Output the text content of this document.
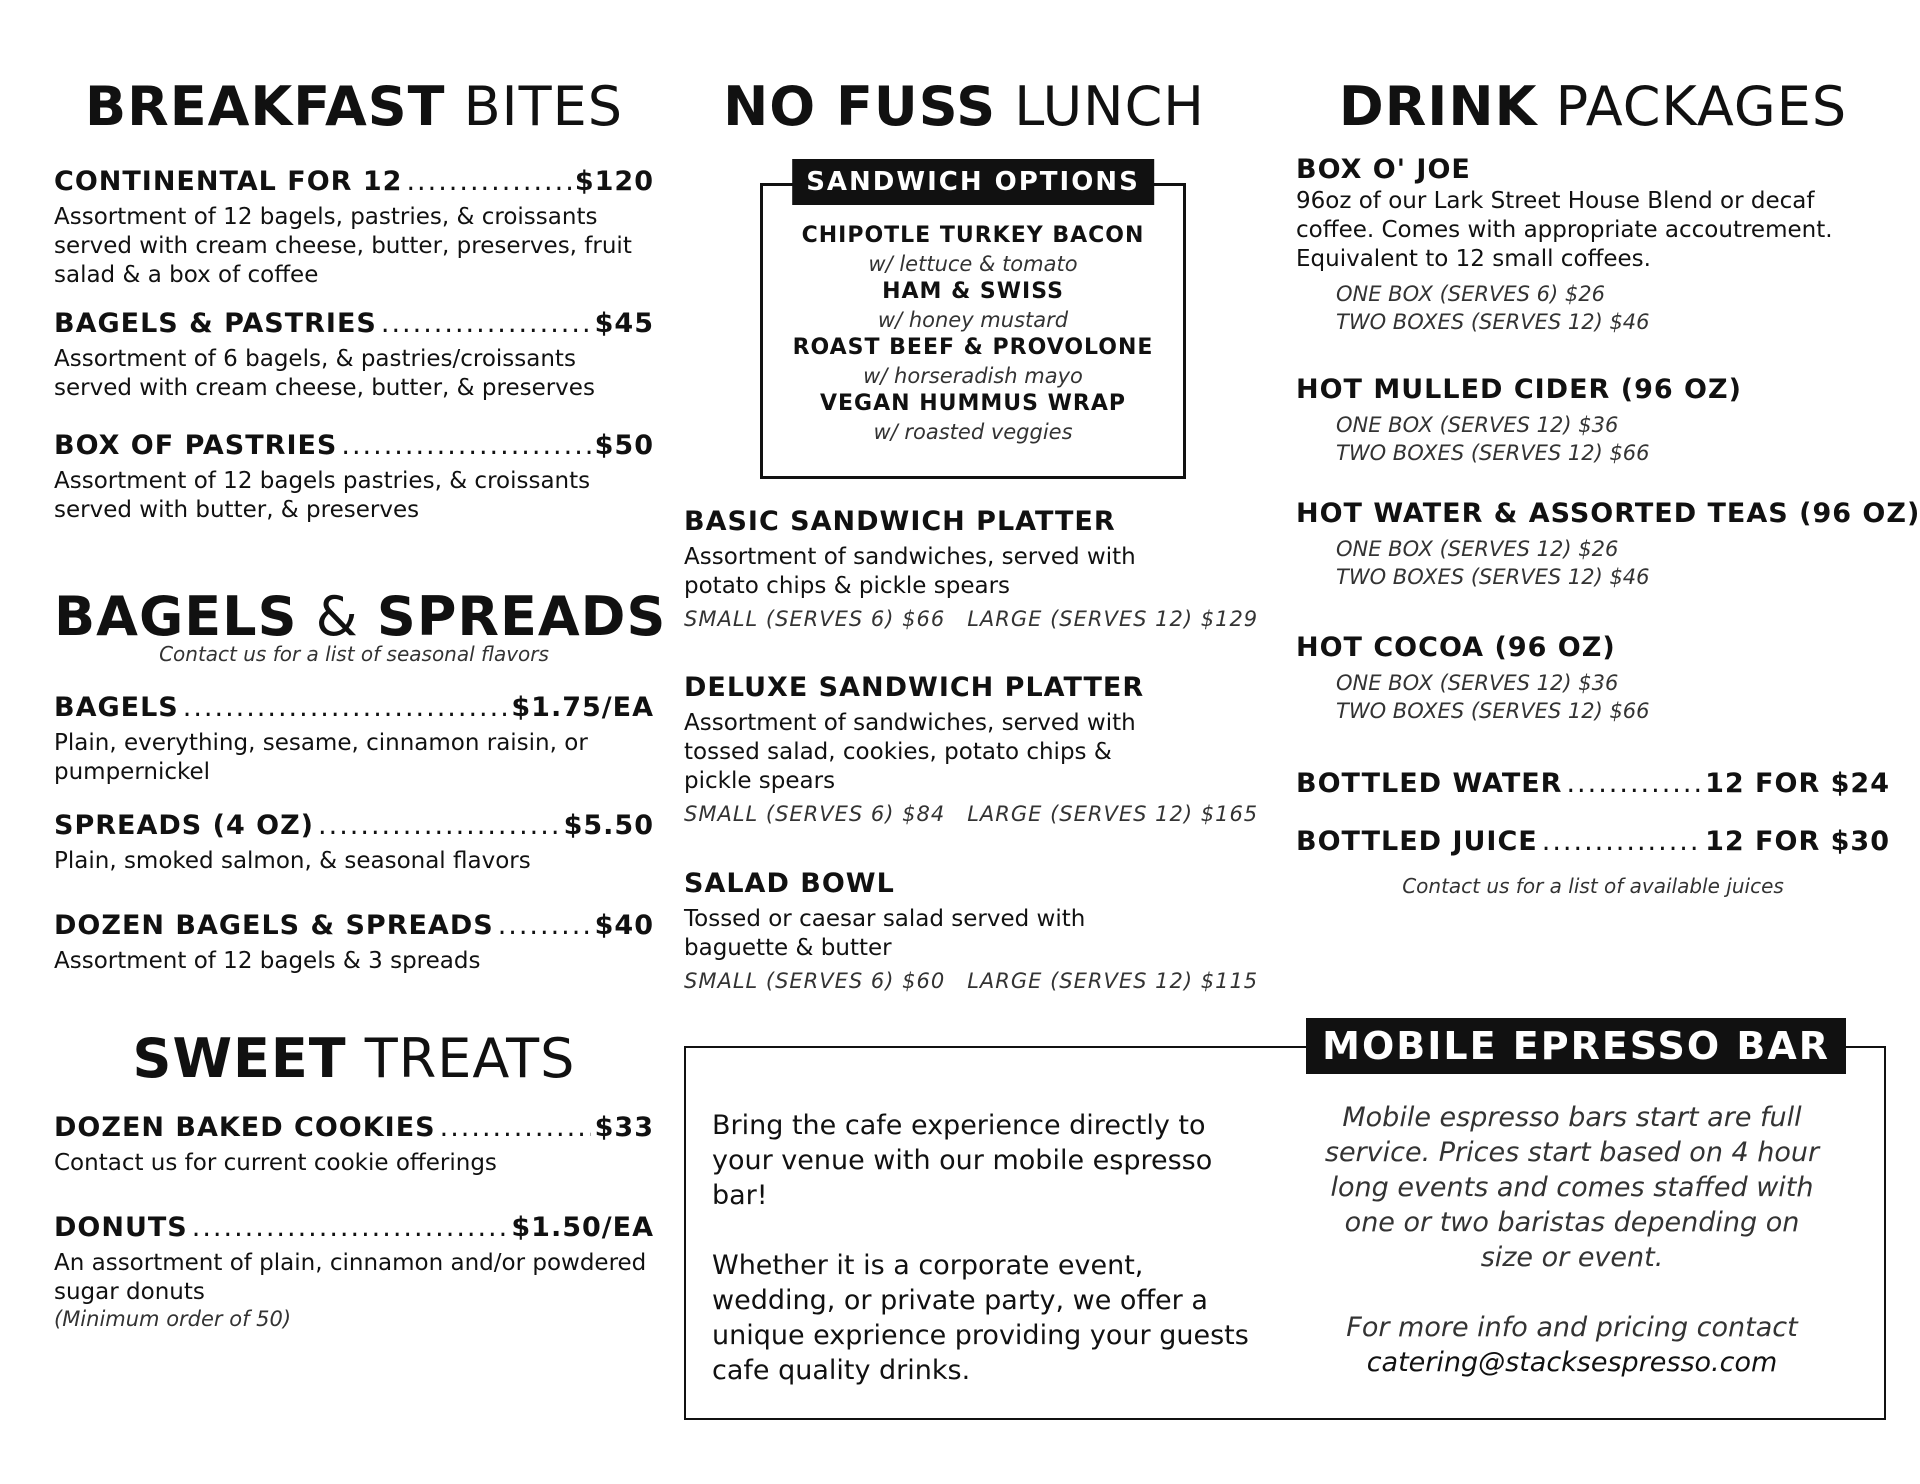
BREAKFAST BITES
CONTINENTAL FOR 12 .....	$120
Assortment of 12 bagels, pastries, & croissants served with cream cheese, butter, preserves, fruit salad & a box of coffee
BAGELS & PASTRIES .....	$45
Assortment of 6 bagels, & pastries/croissants served with cream cheese, butter, & preserves
BOX OF PASTRIES .....	$50
Assortment of 12 bagels pastries, & croissants served with butter, & preserves
BAGELS & SPREADS
Contact us for a list of seasonal flavors
BAGELS .....	$1.75/EA
Plain, everything, sesame, cinnamon raisin, or pumpernickel
SPREADS (4 OZ) .....	$5.50
Plain, smoked salmon, & seasonal flavors
DOZEN BAGELS & SPREADS .....	$40
Assortment of 12 bagels & 3 spreads
SWEET TREATS
DOZEN BAKED COOKIES .....	$33
Contact us for current cookie offerings
DONUTS .....	$1.50/EA
An assortment of plain, cinnamon and/or powdered sugar donuts
(Minimum order of 50)
NO FUSS LUNCH
SANDWICH OPTIONS
CHIPOTLE TURKEY BACON
w/ lettuce & tomato
HAM & SWISS
w/ honey mustard
ROAST BEEF & PROVOLONE
w/ horseradish mayo
VEGAN HUMMUS WRAP
w/ roasted veggies
BASIC SANDWICH PLATTER
Assortment of sandwiches, served with potato chips & pickle spears
SMALL (SERVES 6) $66 LARGE (SERVES 12) $129
DELUXE SANDWICH PLATTER
Assortment of sandwiches, served with tossed salad, cookies, potato chips & pickle spears
SMALL (SERVES 6) $84 LARGE (SERVES 12) $165
SALAD BOWL
Tossed or caesar salad served with baguette & butter
SMALL (SERVES 6) $60 LARGE (SERVES 12) $115
DRINK PACKAGES
BOX O' JOE
96oz of our Lark Street House Blend or decaf coffee. Comes with appropriate accoutrement. Equivalent to 12 small coffees.
ONE BOX (SERVES 6) $26
TWO BOXES (SERVES 12) $46
HOT MULLED CIDER (96 OZ)
ONE BOX (SERVES 12) $36
TWO BOXES (SERVES 12) $66
HOT WATER & ASSORTED TEAS (96 OZ)
ONE BOX (SERVES 12) $26
TWO BOXES (SERVES 12) $46
HOT COCOA (96 OZ)
ONE BOX (SERVES 12) $36
TWO BOXES (SERVES 12) $66
BOTTLED WATER .....	12 FOR $24
BOTTLED JUICE .....	12 FOR $30
Contact us for a list of available juices
MOBILE EPRESSO BAR

Bring the cafe experience directly to your venue with our mobile espresso bar!

Whether it is a corporate event, wedding, or private party, we offer a unique exprience providing your guests cafe quality drinks.

Mobile espresso bars start are full service. Prices start based on 4 hour long events and comes staffed with one or two baristas depending on size or event.

For more info and pricing contact
catering@stacksespresso.com
